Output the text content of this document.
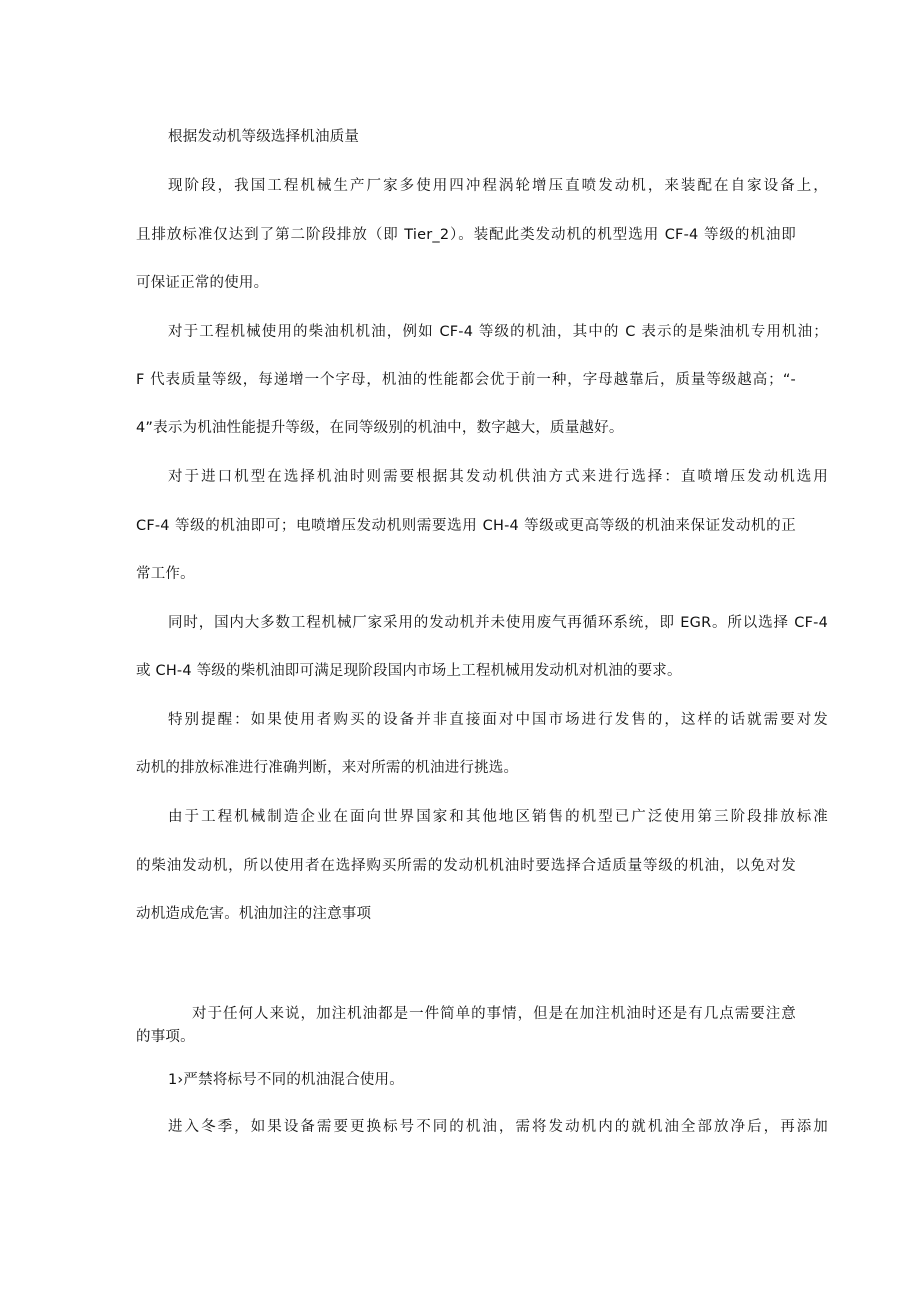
根据发动机等级选择机油质量
现阶段，我国工程机械生产厂家多使用四冲程涡轮增压直喷发动机，来装配在自家设备上，
且排放标准仅达到了第二阶段排放（即 Tier_2）。装配此类发动机的机型选用 CF-4 等级的机油即
可保证正常的使用。
对于工程机械使用的柴油机机油，例如 CF-4 等级的机油，其中的 C 表示的是柴油机专用机油；
F 代表质量等级，每递增一个字母，机油的性能都会优于前一种，字母越靠后，质量等级越高；“-
4”表示为机油性能提升等级，在同等级别的机油中，数字越大，质量越好。
对于进口机型在选择机油时则需要根据其发动机供油方式来进行选择：直喷增压发动机选用
CF-4 等级的机油即可；电喷增压发动机则需要选用 CH-4 等级或更高等级的机油来保证发动机的正
常工作。
同时，国内大多数工程机械厂家采用的发动机并未使用废气再循环系统，即 EGR。所以选择 CF-4
或 CH-4 等级的柴机油即可满足现阶段国内市场上工程机械用发动机对机油的要求。
特别提醒：如果使用者购买的设备并非直接面对中国市场进行发售的，这样的话就需要对发
动机的排放标准进行准确判断，来对所需的机油进行挑选。
由于工程机械制造企业在面向世界国家和其他地区销售的机型已广泛使用第三阶段排放标准
的柴油发动机，所以使用者在选择购买所需的发动机机油时要选择合适质量等级的机油，以免对发
动机造成危害。机油加注的注意事项
对于任何人来说，加注机油都是一件简单的事情，但是在加注机油时还是有几点需要注意
的事项。
1›严禁将标号不同的机油混合使用。
进入冬季，如果设备需要更换标号不同的机油，需将发动机内的就机油全部放净后，再添加
